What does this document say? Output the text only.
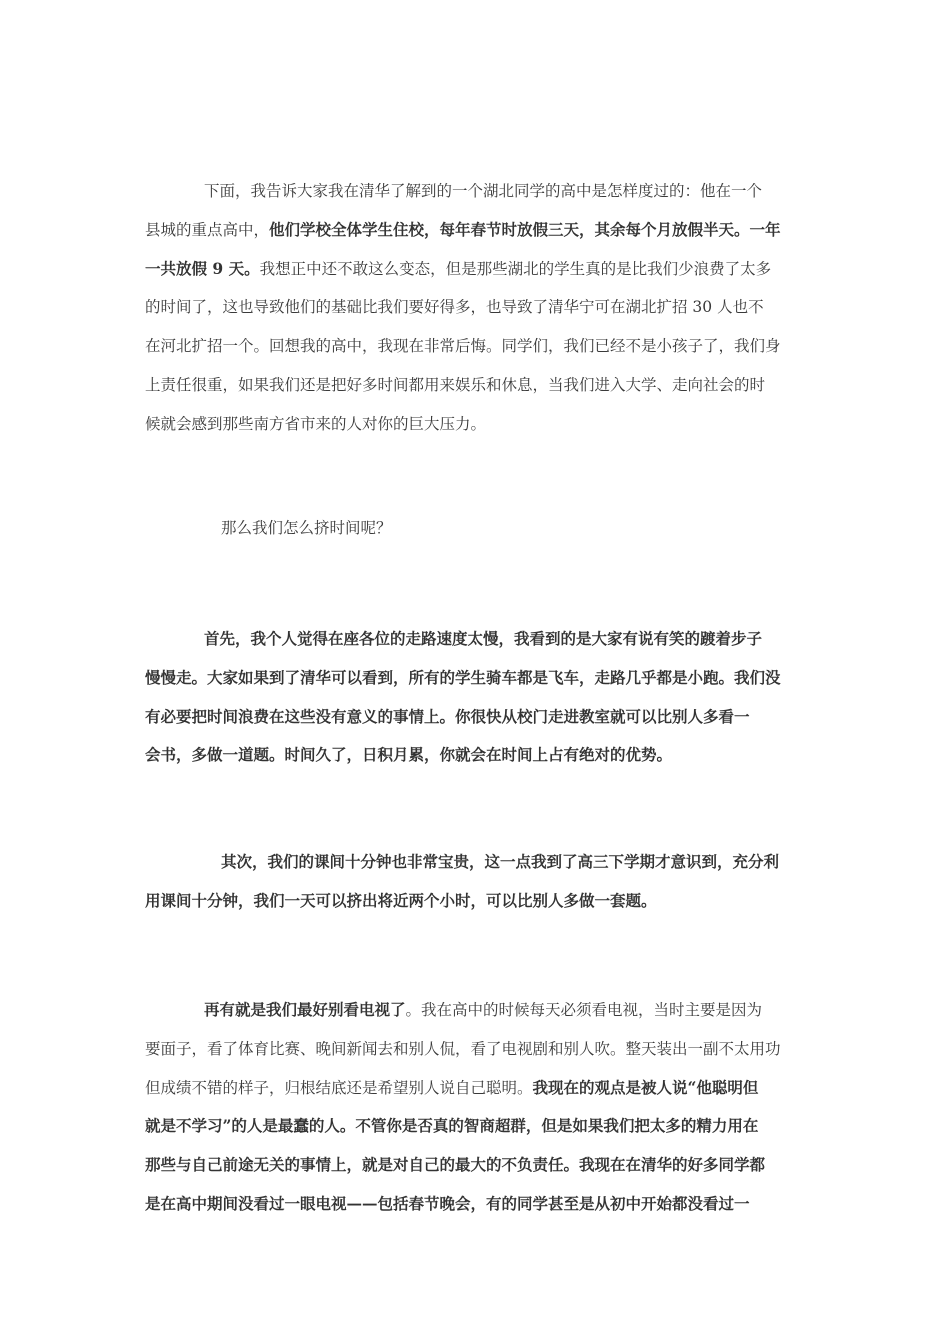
下面，我告诉大家我在清华了解到的一个湖北同学的高中是怎样度过的：他在一个
县城的重点高中，他们学校全体学生住校，每年春节时放假三天，其余每个月放假半天。一年
一共放假 9 天。我想正中还不敢这么变态，但是那些湖北的学生真的是比我们少浪费了太多
的时间了，这也导致他们的基础比我们要好得多，也导致了清华宁可在湖北扩招 30 人也不
在河北扩招一个。回想我的高中，我现在非常后悔。同学们，我们已经不是小孩子了，我们身
上责任很重，如果我们还是把好多时间都用来娱乐和休息，当我们进入大学、走向社会的时
候就会感到那些南方省市来的人对你的巨大压力。
那么我们怎么挤时间呢？
首先，我个人觉得在座各位的走路速度太慢，我看到的是大家有说有笑的踱着步子
慢慢走。大家如果到了清华可以看到，所有的学生骑车都是飞车，走路几乎都是小跑。我们没
有必要把时间浪费在这些没有意义的事情上。你很快从校门走进教室就可以比别人多看一
会书，多做一道题。时间久了，日积月累，你就会在时间上占有绝对的优势。
其次，我们的课间十分钟也非常宝贵，这一点我到了高三下学期才意识到，充分利
用课间十分钟，我们一天可以挤出将近两个小时，可以比别人多做一套题。
再有就是我们最好别看电视了。我在高中的时候每天必须看电视，当时主要是因为
要面子，看了体育比赛、晚间新闻去和别人侃，看了电视剧和别人吹。整天装出一副不太用功
但成绩不错的样子，归根结底还是希望别人说自己聪明。我现在的观点是被人说“他聪明但
就是不学习”的人是最蠢的人。不管你是否真的智商超群，但是如果我们把太多的精力用在
那些与自己前途无关的事情上，就是对自己的最大的不负责任。我现在在清华的好多同学都
是在高中期间没看过一眼电视——包括春节晚会，有的同学甚至是从初中开始都没看过一
